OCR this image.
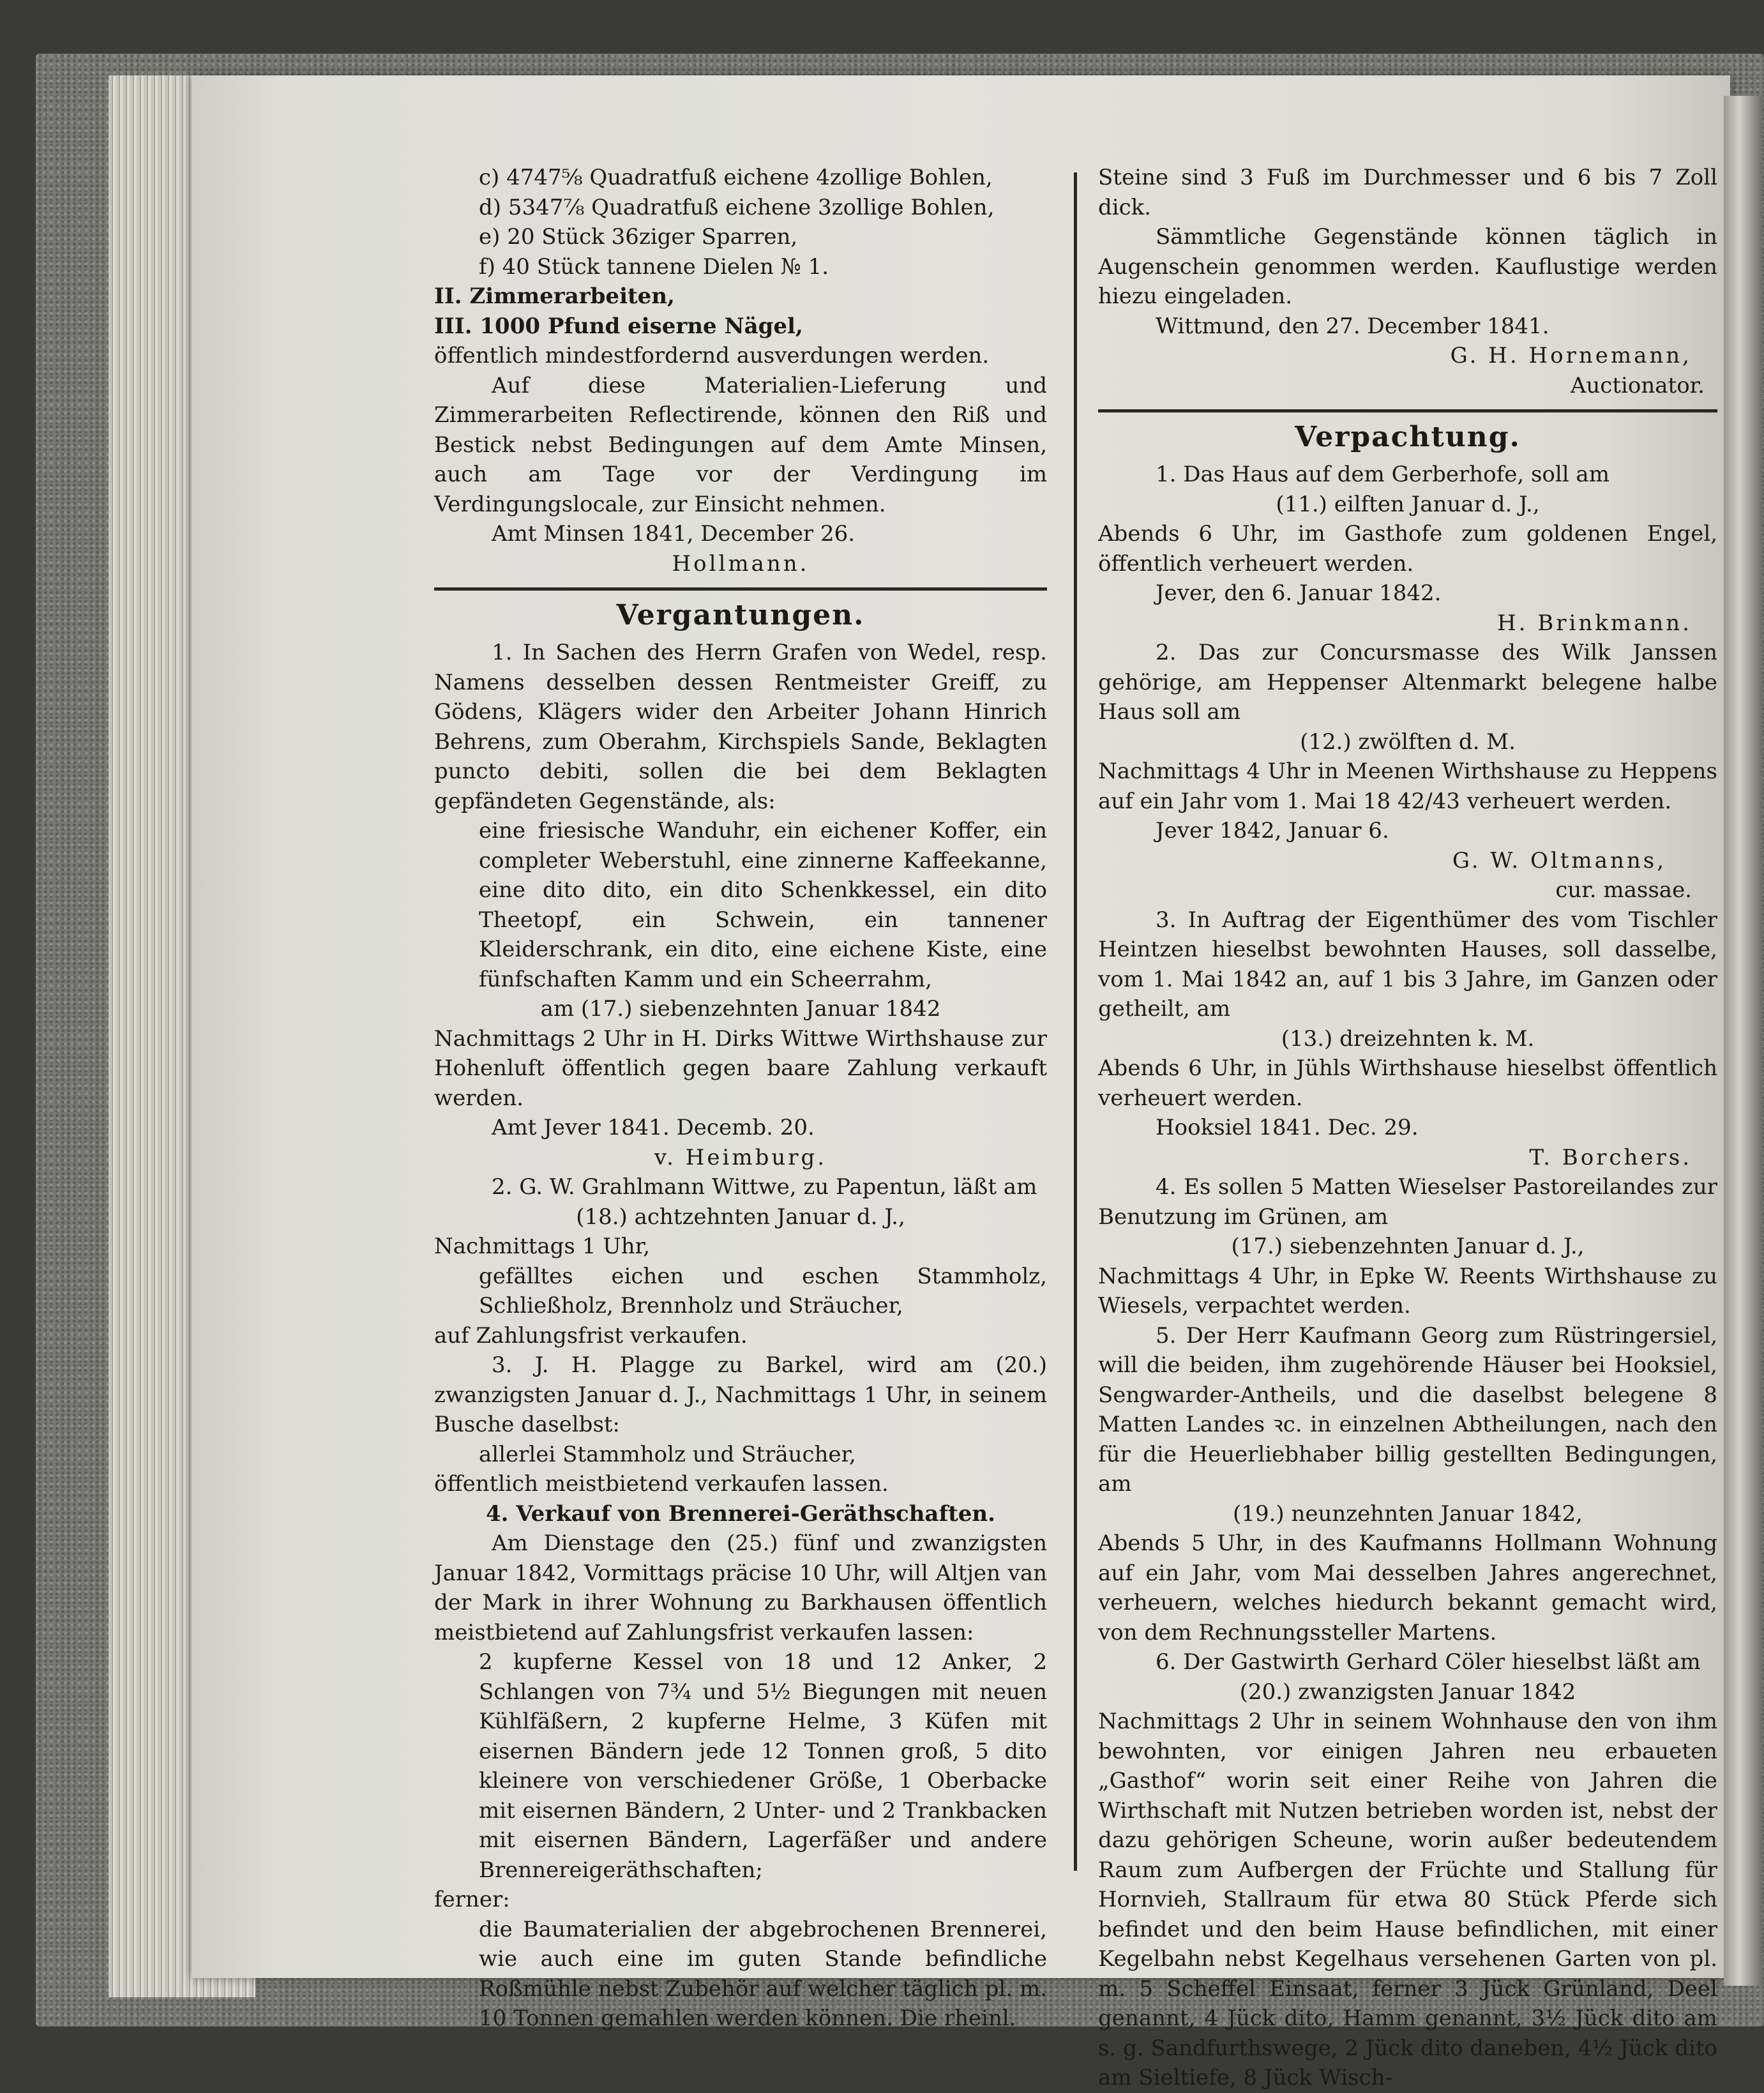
c) 4747⅝ Quadratfuß eichene 4zollige Bohlen,
d) 5347⅞ Quadratfuß eichene 3zollige Bohlen,
e) 20 Stück 36ziger Sparren,
f) 40 Stück tannene Dielen № 1.
II. Zimmerarbeiten,
III. 1000 Pfund eiserne Nägel,
öffentlich mindestfordernd ausverdungen werden.

Auf diese Materialien-Lieferung und Zimmerarbeiten Reflectirende, können den Riß und Bestick nebst Bedingungen auf dem Amte Minsen, auch am Tage vor der Verdingung im Verdingungslocale, zur Einsicht nehmen.

Amt Minsen 1841, December 26.
Hollmann.
Vergantungen.

1. In Sachen des Herrn Grafen von Wedel, resp. Namens desselben dessen Rentmeister Greiff, zu Gödens, Klägers wider den Arbeiter Johann Hinrich Behrens, zum Oberahm, Kirchspiels Sande, Beklagten puncto debiti, sollen die bei dem Beklagten gepfändeten Gegenstände, als:

eine friesische Wanduhr, ein eichener Koffer, ein completer Weberstuhl, eine zinnerne Kaffeekanne, eine dito dito, ein dito Schenkkessel, ein dito Theetopf, ein Schwein, ein tannener Kleiderschrank, ein dito, eine eichene Kiste, eine fünfschaften Kamm und ein Scheerrahm,

am (17.) siebenzehnten Januar 1842

Nachmittags 2 Uhr in H. Dirks Wittwe Wirthshause zur Hohenluft öffentlich gegen baare Zahlung verkauft werden.

Amt Jever 1841. Decemb. 20.
v. Heimburg.

2. G. W. Grahlmann Wittwe, zu Papentun, läßt am

(18.) achtzehnten Januar d. J.,
Nachmittags 1 Uhr,

gefälltes eichen und eschen Stammholz, Schließholz, Brennholz und Sträucher,

auf Zahlungsfrist verkaufen.

3. J. H. Plagge zu Barkel, wird am (20.) zwanzigsten Januar d. J., Nachmittags 1 Uhr, in seinem Busche daselbst:

allerlei Stammholz und Sträucher,
öffentlich meistbietend verkaufen lassen.
4. Verkauf von Brennerei-Geräthschaften.

Am Dienstage den (25.) fünf und zwanzigsten Januar 1842, Vormittags präcise 10 Uhr, will Altjen van der Mark in ihrer Wohnung zu Barkhausen öffentlich meistbietend auf Zahlungsfrist verkaufen lassen:

2 kupferne Kessel von 18 und 12 Anker, 2 Schlangen von 7¾ und 5½ Biegungen mit neuen Kühlfäßern, 2 kupferne Helme, 3 Küfen mit eisernen Bändern jede 12 Tonnen groß, 5 dito kleinere von verschiedener Größe, 1 Oberbacke mit eisernen Bändern, 2 Unter- und 2 Trankbacken mit eisernen Bändern, Lagerfäßer und andere Brennereigeräthschaften;

ferner:

die Baumaterialien der abgebrochenen Brennerei, wie auch eine im guten Stande befindliche Roßmühle nebst Zubehör auf welcher täglich pl. m. 10 Tonnen gemahlen werden können. Die rheinl.

Steine sind 3 Fuß im Durchmesser und 6 bis 7 Zoll dick.

Sämmtliche Gegenstände können täglich in Augenschein genommen werden. Kauflustige werden hiezu eingeladen.

Wittmund, den 27. December 1841.
G. H. Hornemann,
Auctionator.
Verpachtung.

1. Das Haus auf dem Gerberhofe, soll am

(11.) eilften Januar d. J.,

Abends 6 Uhr, im Gasthofe zum goldenen Engel, öffentlich verheuert werden.

Jever, den 6. Januar 1842.
H. Brinkmann.

2. Das zur Concursmasse des Wilk Janssen gehörige, am Heppenser Altenmarkt belegene halbe Haus soll am

(12.) zwölften d. M.

Nachmittags 4 Uhr in Meenen Wirthshause zu Heppens auf ein Jahr vom 1. Mai 18 42/43 verheuert werden.

Jever 1842, Januar 6.
G. W. Oltmanns,
cur. massae.

3. In Auftrag der Eigenthümer des vom Tischler Heintzen hieselbst bewohnten Hauses, soll dasselbe, vom 1. Mai 1842 an, auf 1 bis 3 Jahre, im Ganzen oder getheilt, am

(13.) dreizehnten k. M.

Abends 6 Uhr, in Jühls Wirthshause hieselbst öffentlich verheuert werden.

Hooksiel 1841. Dec. 29.
T. Borchers.

4. Es sollen 5 Matten Wieselser Pastoreilandes zur Benutzung im Grünen, am

(17.) siebenzehnten Januar d. J.,

Nachmittags 4 Uhr, in Epke W. Reents Wirthshause zu Wiesels, verpachtet werden.

5. Der Herr Kaufmann Georg zum Rüstringersiel, will die beiden, ihm zugehörende Häuser bei Hooksiel, Sengwarder-Antheils, und die daselbst belegene 8 Matten Landes ꝛc. in einzelnen Abtheilungen, nach den für die Heuerliebhaber billig gestellten Bedingungen, am

(19.) neunzehnten Januar 1842,

Abends 5 Uhr, in des Kaufmanns Hollmann Wohnung auf ein Jahr, vom Mai desselben Jahres angerechnet, verheuern, welches hiedurch bekannt gemacht wird, von dem Rechnungssteller Martens.

6. Der Gastwirth Gerhard Cöler hieselbst läßt am

(20.) zwanzigsten Januar 1842

Nachmittags 2 Uhr in seinem Wohnhause den von ihm bewohnten, vor einigen Jahren neu erbaueten „Gasthof“ worin seit einer Reihe von Jahren die Wirthschaft mit Nutzen betrieben worden ist, nebst der dazu gehörigen Scheune, worin außer bedeutendem Raum zum Aufbergen der Früchte und Stallung für Hornvieh, Stallraum für etwa 80 Stück Pferde sich befindet und den beim Hause befindlichen, mit einer Kegelbahn nebst Kegelhaus versehenen Garten von pl. m. 5 Scheffel Einsaat, ferner 3 Jück Grünland, Deel genannt, 4 Jück dito, Hamm genannt, 3½ Jück dito am s. g. Sandfurthswege, 2 Jück dito daneben, 4½ Jück dito am Sieltiefe, 8 Jück Wisch-
